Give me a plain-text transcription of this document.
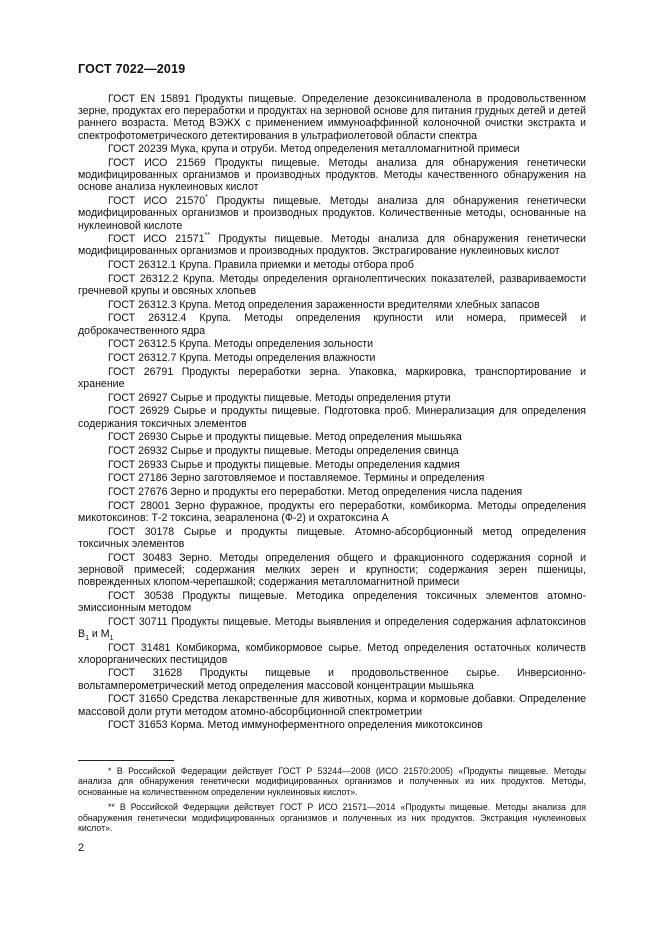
ГОСТ 7022—2019

ГОСТ EN 15891 Продукты пищевые. Определение дезоксиниваленола в продовольственном зерне, продуктах его переработки и продуктах на зерновой основе для питания грудных детей и детей раннего возраста. Метод ВЭЖХ с применением иммуноаффинной колоночной очистки экстракта и спектрофотометрического детектирования в ультрафиолетовой области спектра

ГОСТ 20239 Мука, крупа и отруби. Метод определения металломагнитной примеси

ГОСТ ИСО 21569 Продукты пищевые. Методы анализа для обнаружения генетически модифицированных организмов и производных продуктов. Методы качественного обнаружения на основе анализа нуклеиновых кислот

ГОСТ ИСО 21570* Продукты пищевые. Методы анализа для обнаружения генетически модифицированных организмов и производных продуктов. Количественные методы, основанные на нуклеиновой кислоте

ГОСТ ИСО 21571** Продукты пищевые. Методы анализа для обнаружения генетически модифицированных организмов и производных продуктов. Экстрагирование нуклеиновых кислот

ГОСТ 26312.1 Крупа. Правила приемки и методы отбора проб

ГОСТ 26312.2 Крупа. Методы определения органолептических показателей, развариваемости гречневой крупы и овсяных хлопьев

ГОСТ 26312.3 Крупа. Метод определения зараженности вредителями хлебных запасов

ГОСТ 26312.4 Крупа. Методы определения крупности или номера, примесей и доброкачественного ядра

ГОСТ 26312.5 Крупа. Методы определения зольности

ГОСТ 26312.7 Крупа. Методы определения влажности

ГОСТ 26791 Продукты переработки зерна. Упаковка, маркировка, транспортирование и хранение

ГОСТ 26927 Сырье и продукты пищевые. Методы определения ртути

ГОСТ 26929 Сырье и продукты пищевые. Подготовка проб. Минерализация для определения содержания токсичных элементов

ГОСТ 26930 Сырье и продукты пищевые. Метод определения мышьяка

ГОСТ 26932 Сырье и продукты пищевые. Методы определения свинца

ГОСТ 26933 Сырье и продукты пищевые. Методы определения кадмия

ГОСТ 27186 Зерно заготовляемое и поставляемое. Термины и определения

ГОСТ 27676 Зерно и продукты его переработки. Метод определения числа падения

ГОСТ 28001 Зерно фуражное, продукты его переработки, комбикорма. Методы определения микотоксинов: Т-2 токсина, зеараленона (Ф-2) и охратоксина А

ГОСТ 30178 Сырье и продукты пищевые. Атомно-абсорбционный метод определения токсичных элементов

ГОСТ 30483 Зерно. Методы определения общего и фракционного содержания сорной и зерновой примесей; содержания мелких зерен и крупности; содержания зерен пшеницы, поврежденных клопом-черепашкой; содержания металломагнитной примеси

ГОСТ 30538 Продукты пищевые. Методика определения токсичных элементов атомно-эмиссионным методом

ГОСТ 30711 Продукты пищевые. Методы выявления и определения содержания афлатоксинов $В_1$ и $М_1$

ГОСТ 31481 Комбикорма, комбикормовое сырье. Метод определения остаточных количеств хлорорганических пестицидов

ГОСТ 31628 Продукты пищевые и продовольственное сырье. Инверсионно-вольтамперометрический метод определения массовой концентрации мышьяка

ГОСТ 31650 Средства лекарственные для животных, корма и кормовые добавки. Определение массовой доли ртути методом атомно-абсорбционной спектрометрии

ГОСТ 31653 Корма. Метод иммуноферментного определения микотоксинов

* В Российской Федерации действует ГОСТ Р 53244—2008 (ИСО 21570:2005) «Продукты пищевые. Методы анализа для обнаружения генетически модифицированных организмов и полученных из них продуктов. Методы, основанные на количественном определении нуклеиновых кислот».

** В Российской Федерации действует ГОСТ Р ИСО 21571—2014 «Продукты пищевые. Методы анализа для обнаружения генетически модифицированных организмов и полученных из них продуктов. Экстракция нуклеиновых кислот».

2
